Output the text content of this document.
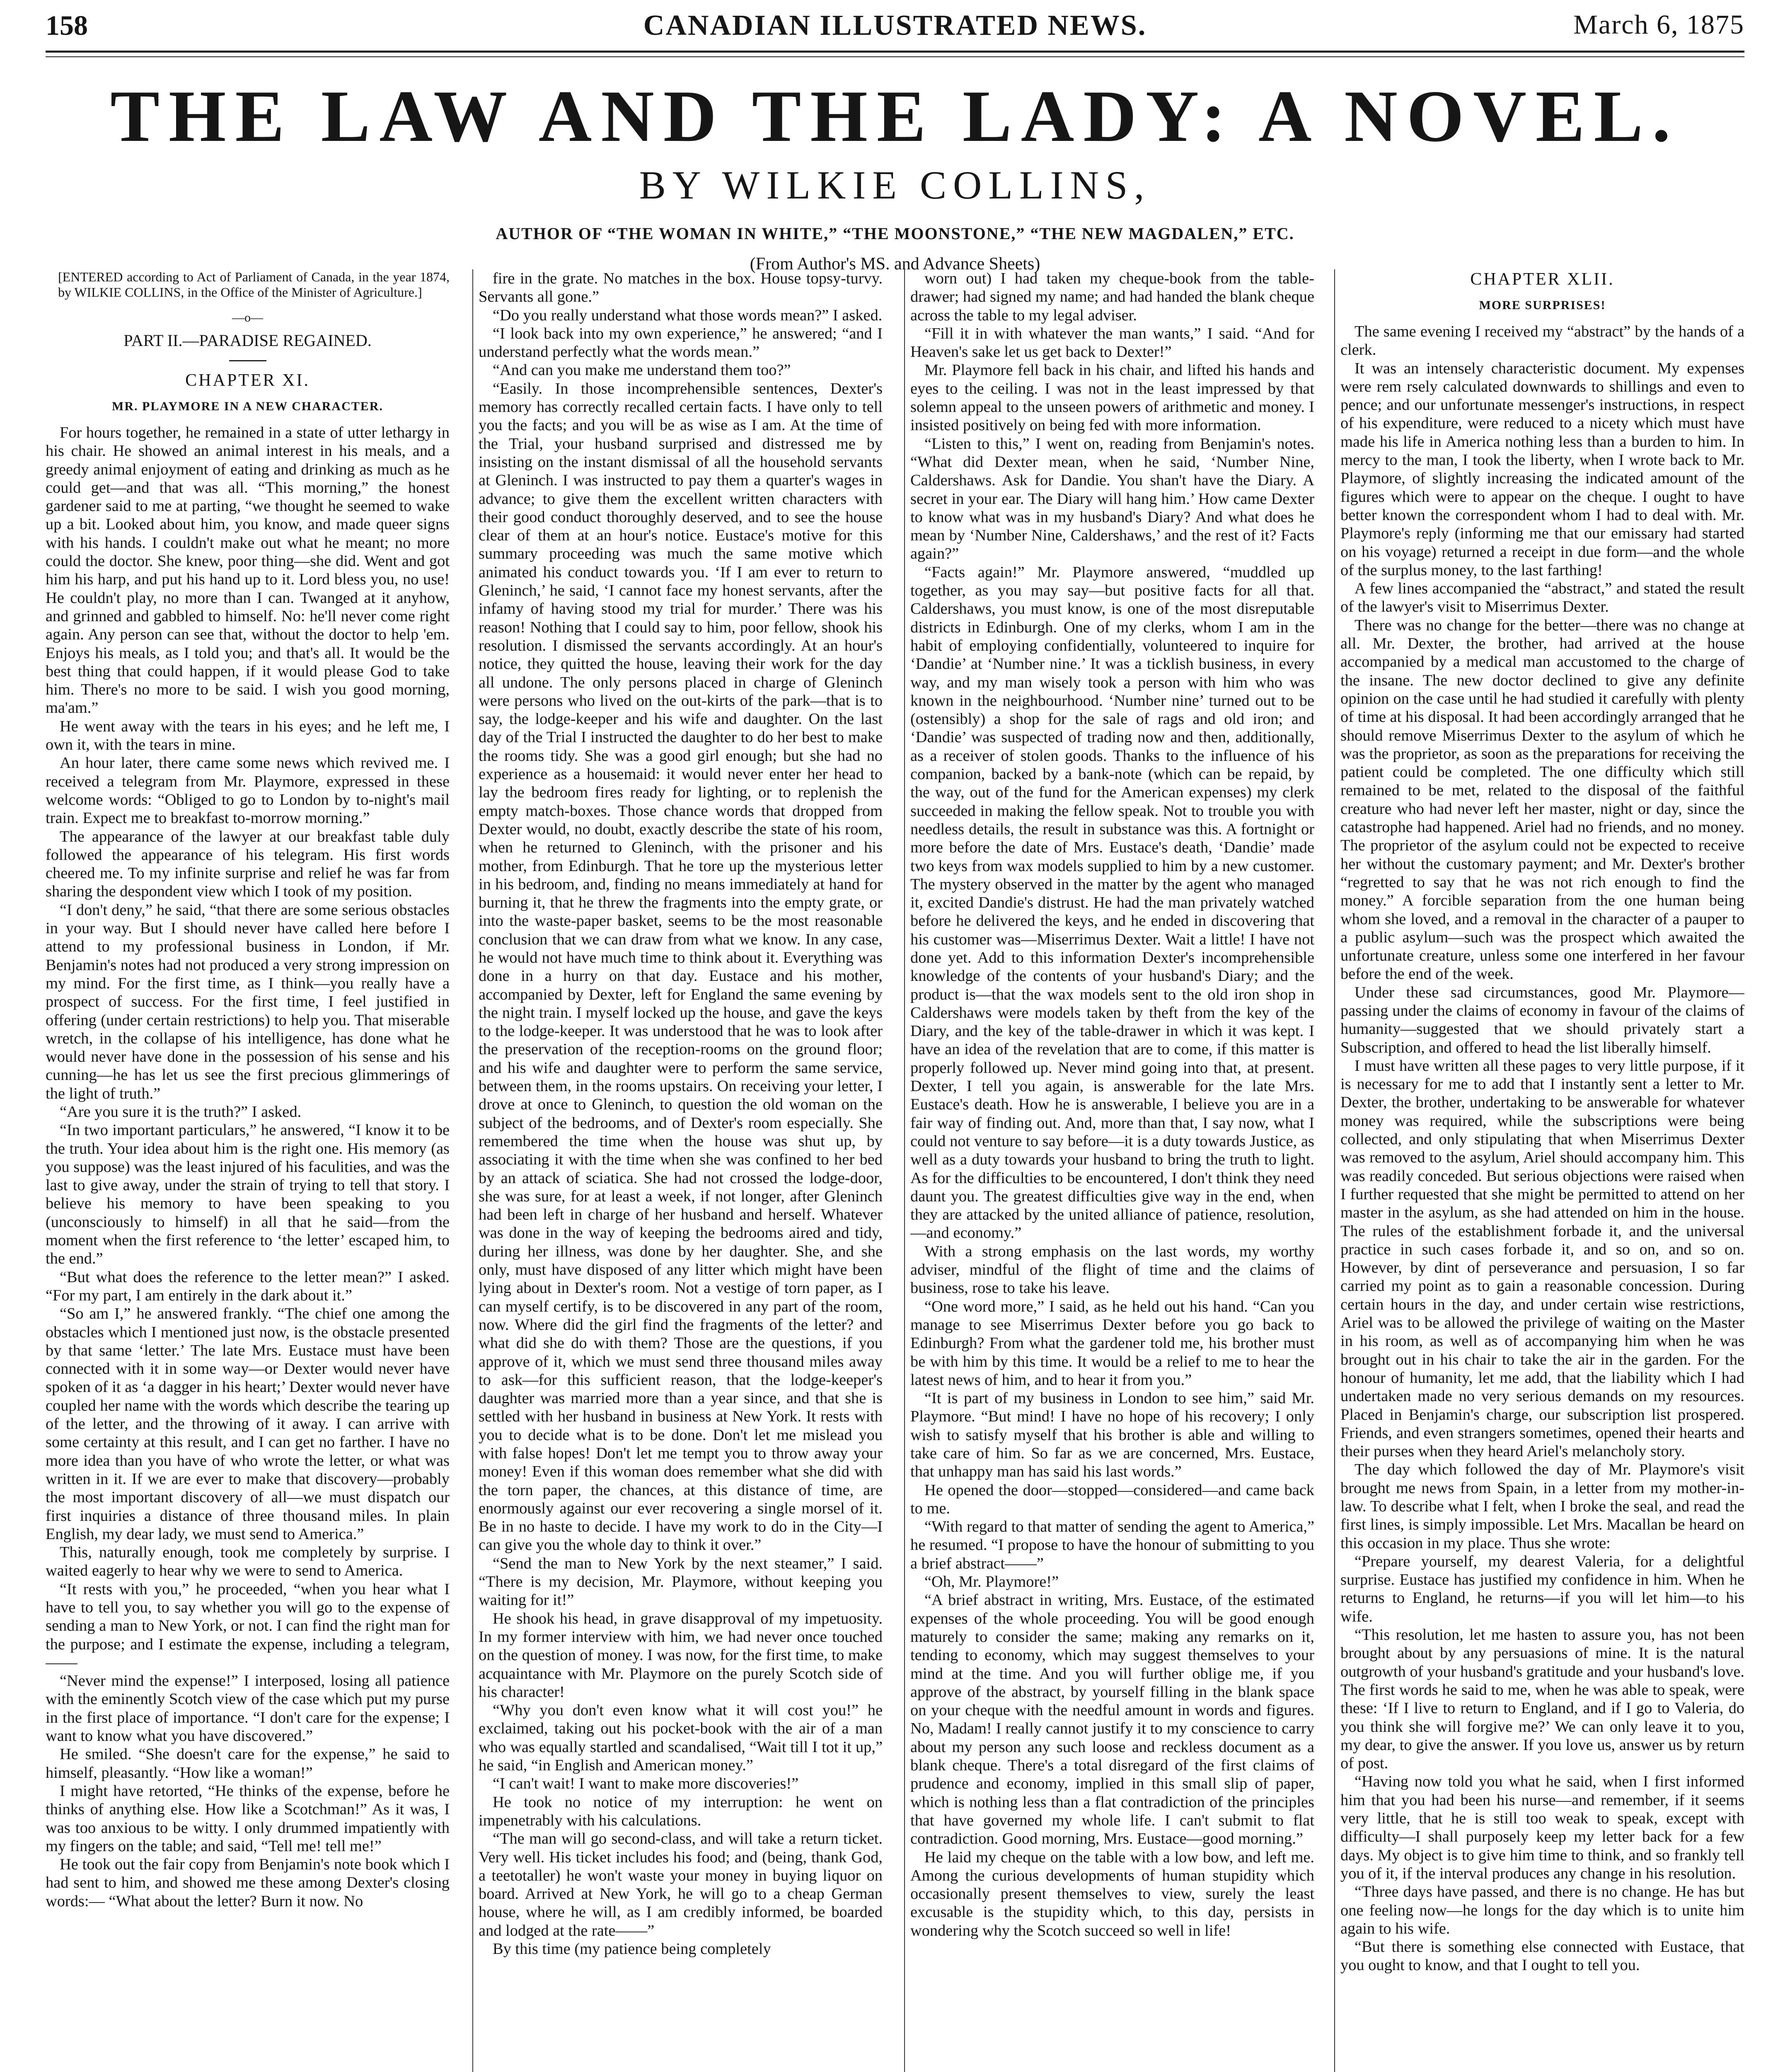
158	CANADIAN ILLUSTRATED NEWS.	March 6, 1875
THE LAW AND THE LADY: A NOVEL.
BY WILKIE COLLINS,
AUTHOR OF “THE WOMAN IN WHITE,” “THE MOONSTONE,” “THE NEW MAGDALEN,” ETC.
(From Author's MS. and Advance Sheets)

[ENTERED according to Act of Parliament of Canada, in the year 1874, by WILKIE COLLINS, in the Office of the Minister of Agriculture.]

—o—
PART II.—PARADISE REGAINED.
CHAPTER XI.
MR. PLAYMORE IN A NEW CHARACTER.

For hours together, he remained in a state of utter lethargy in his chair. He showed an animal interest in his meals, and a greedy animal enjoyment of eating and drinking as much as he could get—and that was all. “This morning,” the honest gardener said to me at parting, “we thought he seemed to wake up a bit. Looked about him, you know, and made queer signs with his hands. I couldn't make out what he meant; no more could the doctor. She knew, poor thing—she did. Went and got him his harp, and put his hand up to it. Lord bless you, no use! He couldn't play, no more than I can. Twanged at it anyhow, and grinned and gabbled to himself. No: he'll never come right again. Any person can see that, without the doctor to help 'em. Enjoys his meals, as I told you; and that's all. It would be the best thing that could happen, if it would please God to take him. There's no more to be said. I wish you good morning, ma'am.”

He went away with the tears in his eyes; and he left me, I own it, with the tears in mine.

An hour later, there came some news which revived me. I received a telegram from Mr. Playmore, expressed in these welcome words: “Obliged to go to London by to-night's mail train. Expect me to breakfast to-morrow morning.”

The appearance of the lawyer at our breakfast table duly followed the appearance of his telegram. His first words cheered me. To my infinite surprise and relief he was far from sharing the despondent view which I took of my position.

“I don't deny,” he said, “that there are some serious obstacles in your way. But I should never have called here before I attend to my professional business in London, if Mr. Benjamin's notes had not produced a very strong impression on my mind. For the first time, as I think—you really have a prospect of success. For the first time, I feel justified in offering (under certain restrictions) to help you. That miserable wretch, in the collapse of his intelligence, has done what he would never have done in the possession of his sense and his cunning—he has let us see the first precious glimmerings of the light of truth.”

“Are you sure it is the truth?” I asked.

“In two important particulars,” he answered, “I know it to be the truth. Your idea about him is the right one. His memory (as you suppose) was the least injured of his faculities, and was the last to give away, under the strain of trying to tell that story. I believe his memory to have been speaking to you (unconsciously to himself) in all that he said—from the moment when the first reference to ‘the letter’ escaped him, to the end.”

“But what does the reference to the letter mean?” I asked. “For my part, I am entirely in the dark about it.”

“So am I,” he answered frankly. “The chief one among the obstacles which I mentioned just now, is the obstacle presented by that same ‘letter.’ The late Mrs. Eustace must have been connected with it in some way—or Dexter would never have spoken of it as ‘a dagger in his heart;’ Dexter would never have coupled her name with the words which describe the tearing up of the letter, and the throwing of it away. I can arrive with some certainty at this result, and I can get no farther. I have no more idea than you have of who wrote the letter, or what was written in it. If we are ever to make that discovery—probably the most important discovery of all—we must dispatch our first inquiries a distance of three thousand miles. In plain English, my dear lady, we must send to America.”

This, naturally enough, took me completely by surprise. I waited eagerly to hear why we were to send to America.

“It rests with you,” he proceeded, “when you hear what I have to tell you, to say whether you will go to the expense of sending a man to New York, or not. I can find the right man for the purpose; and I estimate the expense, including a telegram,——

“Never mind the expense!” I interposed, losing all patience with the eminently Scotch view of the case which put my purse in the first place of importance. “I don't care for the expense; I want to know what you have discovered.”

He smiled. “She doesn't care for the expense,” he said to himself, pleasantly. “How like a woman!”

I might have retorted, “He thinks of the expense, before he thinks of anything else. How like a Scotchman!” As it was, I was too anxious to be witty. I only drummed impatiently with my fingers on the table; and said, “Tell me! tell me!”

He took out the fair copy from Benjamin's note book which I had sent to him, and showed me these among Dexter's closing words:— “What about the letter? Burn it now. No

fire in the grate. No matches in the box. House topsy-turvy. Servants all gone.”

“Do you really understand what those words mean?” I asked.

“I look back into my own experience,” he answered; “and I understand perfectly what the words mean.”

“And can you make me understand them too?”

“Easily. In those incomprehensible sentences, Dexter's memory has correctly recalled certain facts. I have only to tell you the facts; and you will be as wise as I am. At the time of the Trial, your husband surprised and distressed me by insisting on the instant dismissal of all the household servants at Gleninch. I was instructed to pay them a quarter's wages in advance; to give them the excellent written characters with their good conduct thoroughly deserved, and to see the house clear of them at an hour's notice. Eustace's motive for this summary proceeding was much the same motive which animated his conduct towards you. ‘If I am ever to return to Gleninch,’ he said, ‘I cannot face my honest servants, after the infamy of having stood my trial for murder.’ There was his reason! Nothing that I could say to him, poor fellow, shook his resolution. I dismissed the servants accordingly. At an hour's notice, they quitted the house, leaving their work for the day all undone. The only persons placed in charge of Gleninch were persons who lived on the out-kirts of the park—that is to say, the lodge-keeper and his wife and daughter. On the last day of the Trial I instructed the daughter to do her best to make the rooms tidy. She was a good girl enough; but she had no experience as a housemaid: it would never enter her head to lay the bedroom fires ready for lighting, or to replenish the empty match-boxes. Those chance words that dropped from Dexter would, no doubt, exactly describe the state of his room, when he returned to Gleninch, with the prisoner and his mother, from Edinburgh. That he tore up the mysterious letter in his bedroom, and, finding no means immediately at hand for burning it, that he threw the fragments into the empty grate, or into the waste-paper basket, seems to be the most reasonable conclusion that we can draw from what we know. In any case, he would not have much time to think about it. Everything was done in a hurry on that day. Eustace and his mother, accompanied by Dexter, left for England the same evening by the night train. I myself locked up the house, and gave the keys to the lodge-keeper. It was understood that he was to look after the preservation of the reception-rooms on the ground floor; and his wife and daughter were to perform the same service, between them, in the rooms upstairs. On receiving your letter, I drove at once to Gleninch, to question the old woman on the subject of the bedrooms, and of Dexter's room especially. She remembered the time when the house was shut up, by associating it with the time when she was confined to her bed by an attack of sciatica. She had not crossed the lodge-door, she was sure, for at least a week, if not longer, after Gleninch had been left in charge of her husband and herself. Whatever was done in the way of keeping the bedrooms aired and tidy, during her illness, was done by her daughter. She, and she only, must have disposed of any litter which might have been lying about in Dexter's room. Not a vestige of torn paper, as I can myself certify, is to be discovered in any part of the room, now. Where did the girl find the fragments of the letter? and what did she do with them? Those are the questions, if you approve of it, which we must send three thousand miles away to ask—for this sufficient reason, that the lodge-keeper's daughter was married more than a year since, and that she is settled with her husband in business at New York. It rests with you to decide what is to be done. Don't let me mislead you with false hopes! Don't let me tempt you to throw away your money! Even if this woman does remember what she did with the torn paper, the chances, at this distance of time, are enormously against our ever recovering a single morsel of it. Be in no haste to decide. I have my work to do in the City—I can give you the whole day to think it over.”

“Send the man to New York by the next steamer,” I said. “There is my decision, Mr. Playmore, without keeping you waiting for it!”

He shook his head, in grave disapproval of my impetuosity. In my former interview with him, we had never once touched on the question of money. I was now, for the first time, to make acquaintance with Mr. Playmore on the purely Scotch side of his character!

“Why you don't even know what it will cost you!” he exclaimed, taking out his pocket-book with the air of a man who was equally startled and scandalised, “Wait till I tot it up,” he said, “in English and American money.”

“I can't wait! I want to make more discoveries!”

He took no notice of my interruption: he went on impenetrably with his calculations.

“The man will go second-class, and will take a return ticket. Very well. His ticket includes his food; and (being, thank God, a teetotaller) he won't waste your money in buying liquor on board. Arrived at New York, he will go to a cheap German house, where he will, as I am credibly informed, be boarded and lodged at the rate——”

By this time (my patience being completely

worn out) I had taken my cheque-book from the table-drawer; had signed my name; and had handed the blank cheque across the table to my legal adviser.

“Fill it in with whatever the man wants,” I said. “And for Heaven's sake let us get back to Dexter!”

Mr. Playmore fell back in his chair, and lifted his hands and eyes to the ceiling. I was not in the least impressed by that solemn appeal to the unseen powers of arithmetic and money. I insisted positively on being fed with more information.

“Listen to this,” I went on, reading from Benjamin's notes. “What did Dexter mean, when he said, ‘Number Nine, Caldershaws. Ask for Dandie. You shan't have the Diary. A secret in your ear. The Diary will hang him.’ How came Dexter to know what was in my husband's Diary? And what does he mean by ‘Number Nine, Caldershaws,’ and the rest of it? Facts again?”

“Facts again!” Mr. Playmore answered, “muddled up together, as you may say—but positive facts for all that. Caldershaws, you must know, is one of the most disreputable districts in Edinburgh. One of my clerks, whom I am in the habit of employing confidentially, volunteered to inquire for ‘Dandie’ at ‘Number nine.’ It was a ticklish business, in every way, and my man wisely took a person with him who was known in the neighbourhood. ‘Number nine’ turned out to be (ostensibly) a shop for the sale of rags and old iron; and ‘Dandie’ was suspected of trading now and then, additionally, as a receiver of stolen goods. Thanks to the influence of his companion, backed by a bank-note (which can be repaid, by the way, out of the fund for the American expenses) my clerk succeeded in making the fellow speak. Not to trouble you with needless details, the result in substance was this. A fortnight or more before the date of Mrs. Eustace's death, ‘Dandie’ made two keys from wax models supplied to him by a new customer. The mystery observed in the matter by the agent who managed it, excited Dandie's distrust. He had the man privately watched before he delivered the keys, and he ended in discovering that his customer was—Miserrimus Dexter. Wait a little! I have not done yet. Add to this information Dexter's incomprehensible knowledge of the contents of your husband's Diary; and the product is—that the wax models sent to the old iron shop in Caldershaws were models taken by theft from the key of the Diary, and the key of the table-drawer in which it was kept. I have an idea of the revelation that are to come, if this matter is properly followed up. Never mind going into that, at present. Dexter, I tell you again, is answerable for the late Mrs. Eustace's death. How he is answerable, I believe you are in a fair way of finding out. And, more than that, I say now, what I could not venture to say before—it is a duty towards Justice, as well as a duty towards your husband to bring the truth to light. As for the difficulties to be encountered, I don't think they need daunt you. The greatest difficulties give way in the end, when they are attacked by the united alliance of patience, resolution,—and economy.”

With a strong emphasis on the last words, my worthy adviser, mindful of the flight of time and the claims of business, rose to take his leave.

“One word more,” I said, as he held out his hand. “Can you manage to see Miserrimus Dexter before you go back to Edinburgh? From what the gardener told me, his brother must be with him by this time. It would be a relief to me to hear the latest news of him, and to hear it from you.”

“It is part of my business in London to see him,” said Mr. Playmore. “But mind! I have no hope of his recovery; I only wish to satisfy myself that his brother is able and willing to take care of him. So far as we are concerned, Mrs. Eustace, that unhappy man has said his last words.”

He opened the door—stopped—considered—and came back to me.

“With regard to that matter of sending the agent to America,” he resumed. “I propose to have the honour of submitting to you a brief abstract——”

“Oh, Mr. Playmore!”

“A brief abstract in writing, Mrs. Eustace, of the estimated expenses of the whole proceeding. You will be good enough maturely to consider the same; making any remarks on it, tending to economy, which may suggest themselves to your mind at the time. And you will further oblige me, if you approve of the abstract, by yourself filling in the blank space on your cheque with the needful amount in words and figures. No, Madam! I really cannot justify it to my conscience to carry about my person any such loose and reckless document as a blank cheque. There's a total disregard of the first claims of prudence and economy, implied in this small slip of paper, which is nothing less than a flat contradiction of the principles that have governed my whole life. I can't submit to flat contradiction. Good morning, Mrs. Eustace—good morning.”

He laid my cheque on the table with a low bow, and left me. Among the curious developments of human stupidity which occasionally present themselves to view, surely the least excusable is the stupidity which, to this day, persists in wondering why the Scotch succeed so well in life!

CHAPTER XLII.
MORE SURPRISES!

The same evening I received my “abstract” by the hands of a clerk.

It was an intensely characteristic document. My expenses were rem rsely calculated downwards to shillings and even to pence; and our unfortunate messenger's instructions, in respect of his expenditure, were reduced to a nicety which must have made his life in America nothing less than a burden to him. In mercy to the man, I took the liberty, when I wrote back to Mr. Playmore, of slightly increasing the indicated amount of the figures which were to appear on the cheque. I ought to have better known the correspondent whom I had to deal with. Mr. Playmore's reply (informing me that our emissary had started on his voyage) returned a receipt in due form—and the whole of the surplus money, to the last farthing!

A few lines accompanied the “abstract,” and stated the result of the lawyer's visit to Miserrimus Dexter.

There was no change for the better—there was no change at all. Mr. Dexter, the brother, had arrived at the house accompanied by a medical man accustomed to the charge of the insane. The new doctor declined to give any definite opinion on the case until he had studied it carefully with plenty of time at his disposal. It had been accordingly arranged that he should remove Miserrimus Dexter to the asylum of which he was the proprietor, as soon as the preparations for receiving the patient could be completed. The one difficulty which still remained to be met, related to the disposal of the faithful creature who had never left her master, night or day, since the catastrophe had happened. Ariel had no friends, and no money. The proprietor of the asylum could not be expected to receive her without the customary payment; and Mr. Dexter's brother “regretted to say that he was not rich enough to find the money.” A forcible separation from the one human being whom she loved, and a removal in the character of a pauper to a public asylum—such was the prospect which awaited the unfortunate creature, unless some one interfered in her favour before the end of the week.

Under these sad circumstances, good Mr. Playmore—passing under the claims of economy in favour of the claims of humanity—suggested that we should privately start a Subscription, and offered to head the list liberally himself.

I must have written all these pages to very little purpose, if it is necessary for me to add that I instantly sent a letter to Mr. Dexter, the brother, undertaking to be answerable for whatever money was required, while the subscriptions were being collected, and only stipulating that when Miserrimus Dexter was removed to the asylum, Ariel should accompany him. This was readily conceded. But serious objections were raised when I further requested that she might be permitted to attend on her master in the asylum, as she had attended on him in the house. The rules of the establishment forbade it, and the universal practice in such cases forbade it, and so on, and so on. However, by dint of perseverance and persuasion, I so far carried my point as to gain a reasonable concession. During certain hours in the day, and under certain wise restrictions, Ariel was to be allowed the privilege of waiting on the Master in his room, as well as of accompanying him when he was brought out in his chair to take the air in the garden. For the honour of humanity, let me add, that the liability which I had undertaken made no very serious demands on my resources. Placed in Benjamin's charge, our subscription list prospered. Friends, and even strangers sometimes, opened their hearts and their purses when they heard Ariel's melancholy story.

The day which followed the day of Mr. Playmore's visit brought me news from Spain, in a letter from my mother-in-law. To describe what I felt, when I broke the seal, and read the first lines, is simply impossible. Let Mrs. Macallan be heard on this occasion in my place. Thus she wrote:

“Prepare yourself, my dearest Valeria, for a delightful surprise. Eustace has justified my confidence in him. When he returns to England, he returns—if you will let him—to his wife.

“This resolution, let me hasten to assure you, has not been brought about by any persuasions of mine. It is the natural outgrowth of your husband's gratitude and your husband's love. The first words he said to me, when he was able to speak, were these: ‘If I live to return to England, and if I go to Valeria, do you think she will forgive me?’ We can only leave it to you, my dear, to give the answer. If you love us, answer us by return of post.

“Having now told you what he said, when I first informed him that you had been his nurse—and remember, if it seems very little, that he is still too weak to speak, except with difficulty—I shall purposely keep my letter back for a few days. My object is to give him time to think, and so frankly tell you of it, if the interval produces any change in his resolution.

“Three days have passed, and there is no change. He has but one feeling now—he longs for the day which is to unite him again to his wife.

“But there is something else connected with Eustace, that you ought to know, and that I ought to tell you.
